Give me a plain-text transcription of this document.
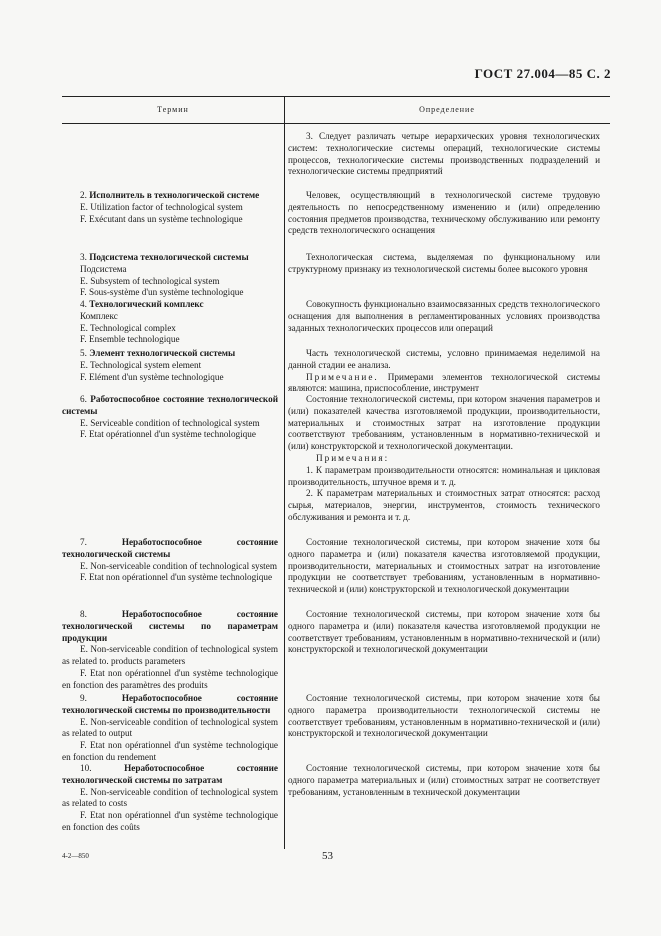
ГОСТ 27.004—85 С. 2
Термин	Определение

3. Следует различать четыре иерархических уровня технологических систем: технологические системы операций, технологические системы процессов, технологические системы производственных подразделений и технологические системы предприятий

2. Исполнитель в технологической системе

E. Utilization factor of technological system

F. Exécutant dans un système technologique

Человек, осуществляющий в технологической системе трудовую деятельность по непосредственному изменению и (или) определению состояния предметов производства, техническому обслуживанию или ремонту средств технологического оснащения

3. Подсистема технологической системы

Подсистема

E. Subsystem of technological system

F. Sous-système d'un système technologique

Технологическая система, выделяемая по функциональному или структурному признаку из технологической системы более высокого уровня

4. Технологический комплекс

Комплекс

E. Technological complex

F. Ensemble technologique

Совокупность функционально взаимосвязанных средств технологического оснащения для выполнения в регламентированных условиях производства заданных технологических процессов или операций

5. Элемент технологической системы

E. Technological system element

F. Elément d'un système technologique

Часть технологической системы, условно принимаемая неделимой на данной стадии ее анализа.

Примечание. Примерами элементов технологической системы являются: машина, приспособление, инструмент

6. Работоспособное состояние технологической системы

E. Serviceable condition of technological system

F. Etat opérationnel d'un système technologique

Состояние технологической системы, при котором значения параметров и (или) показателей качества изготовляемой продукции, производительности, материальных и стоимостных затрат на изготовление продукции соответствуют требованиям, установленным в нормативно-технической и (или) конструкторской и технологической документации.

Примечания:

1. К параметрам производительности относятся: номинальная и цикловая производительность, штучное время и т. д.

2. К параметрам материальных и стоимостных затрат относятся: расход сырья, материалов, энергии, инструментов, стоимость технического обслуживания и ремонта и т. д.

7. Неработоспособное состояние технологической системы

E. Non-serviceable condition of technological system

F. Etat non opérationnel d'un système technologique

Состояние технологической системы, при котором значение хотя бы одного параметра и (или) показателя качества изготовляемой продукции, производительности, материальных и стоимостных затрат на изготовление продукции не соответствует требованиям, установленным в нормативно-технической и (или) конструкторской и технологической документации

8. Неработоспособное состояние технологической системы по параметрам продукции

E. Non-serviceable condition of technological system as related to. products parameters

F. Etat non opérationnel d'un système technologique en fonction des paramètres des produits

Состояние технологической системы, при котором значение хотя бы одного параметра и (или) показателя качества изготовляемой продукции не соответствует требованиям, установленным в нормативно-технической и (или) конструкторской и технологической документации

9. Неработоспособное состояние технологической системы по производительности

E. Non-serviceable condition of technological system as related to output

F. Etat non opérationnel d'un système technologique en fonction du rendement

Состояние технологической системы, при котором значение хотя бы одного параметра производительности технологической системы не соответствует требованиям, установленным в нормативно-технической и (или) конструкторской и технологической документации

10. Неработоспособное состояние технологической системы по затратам

E. Non-serviceable condition of technological system as related to costs

F. Etat non opérationnel d'un système technologique en fonction des coûts

Состояние технологической системы, при котором значение хотя бы одного параметра материальных и (или) стоимостных затрат не соответствует требованиям, установленным в технической документации

4-2—850	53
